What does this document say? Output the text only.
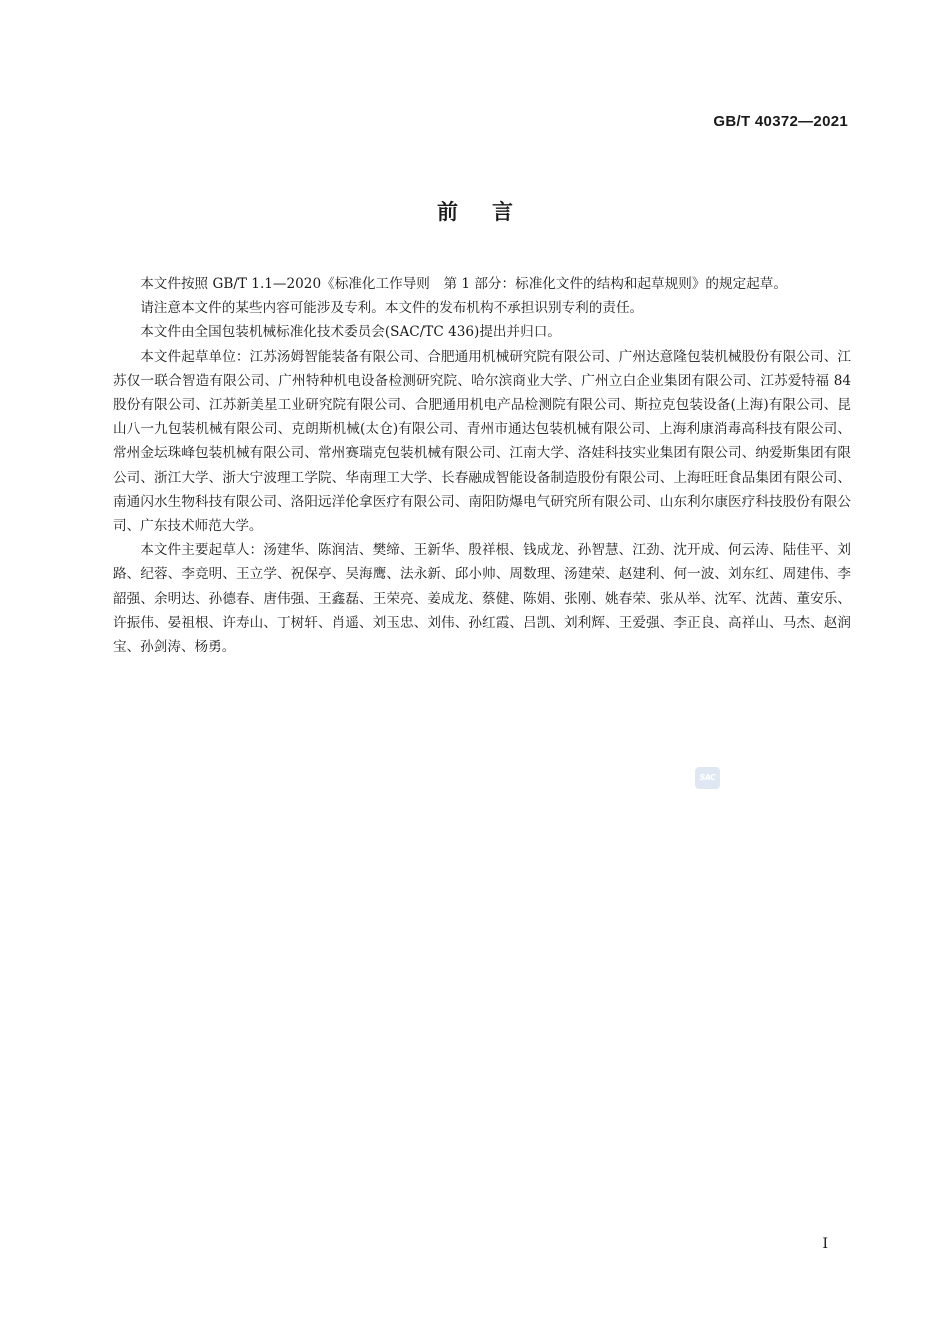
GB/T 40372—2021
前言

本文件按照 GB/T 1.1—2020《标准化工作导则　第 1 部分：标准化文件的结构和起草规则》的规定起草。

请注意本文件的某些内容可能涉及专利。本文件的发布机构不承担识别专利的责任。

本文件由全国包装机械标准化技术委员会(SAC/TC 436)提出并归口。

本文件起草单位：江苏汤姆智能装备有限公司、合肥通用机械研究院有限公司、广州达意隆包装机械股份有限公司、江苏仅一联合智造有限公司、广州特种机电设备检测研究院、哈尔滨商业大学、广州立白企业集团有限公司、江苏爱特福 84 股份有限公司、江苏新美星工业研究院有限公司、合肥通用机电产品检测院有限公司、斯拉克包装设备(上海)有限公司、昆山八一九包装机械有限公司、克朗斯机械(太仓)有限公司、青州市通达包装机械有限公司、上海利康消毒高科技有限公司、常州金坛珠峰包装机械有限公司、常州赛瑞克包装机械有限公司、江南大学、洛娃科技实业集团有限公司、纳爱斯集团有限公司、浙江大学、浙大宁波理工学院、华南理工大学、长春融成智能设备制造股份有限公司、上海旺旺食品集团有限公司、南通闪水生物科技有限公司、洛阳远洋伦拿医疗有限公司、南阳防爆电气研究所有限公司、山东利尔康医疗科技股份有限公司、广东技术师范大学。

本文件主要起草人：汤建华、陈润洁、樊缔、王新华、殷祥根、钱成龙、孙智慧、江劲、沈开成、何云涛、陆佳平、刘路、纪蓉、李竞明、王立学、祝保亭、吴海鹰、法永新、邱小帅、周数理、汤建荣、赵建利、何一波、刘东红、周建伟、李韶强、余明达、孙德春、唐伟强、王鑫磊、王荣亮、姜成龙、蔡健、陈娟、张刚、姚春荣、张从举、沈军、沈茜、董安乐、许振伟、晏祖根、许寿山、丁树轩、肖遥、刘玉忠、刘伟、孙红霞、吕凯、刘利辉、王爱强、李正良、高祥山、马杰、赵润宝、孙剑涛、杨勇。

SAC
I
